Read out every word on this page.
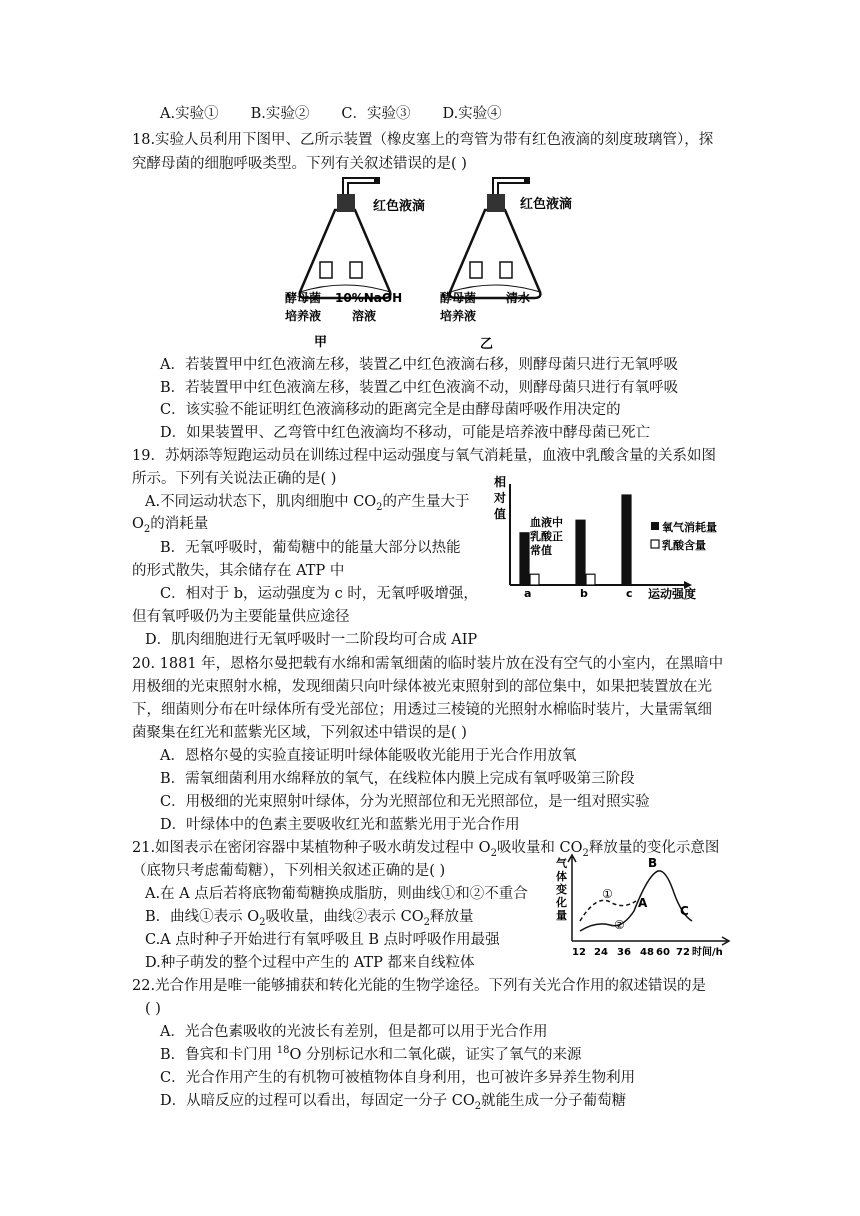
A.实验① B.实验② C．实验③ D.实验④
18.实验人员利用下图甲、乙所示装置（橡皮塞上的弯管为带有红色液滴的刻度玻璃管），探
究酵母菌的细胞呼吸类型。下列有关叙述错误的是( )
红色液滴
酵母菌
培养液
10%NaOH
溶液
甲
红色液滴
酵母菌
培养液
清水
乙
A．若装置甲中红色液滴左移，装置乙中红色液滴右移，则酵母菌只进行无氧呼吸
B．若装置甲中红色液滴左移，装置乙中红色液滴不动，则酵母菌只进行有氧呼吸
C．该实验不能证明红色液滴移动的距离完全是由酵母菌呼吸作用决定的
D．如果装置甲、乙弯管中红色液滴均不移动，可能是培养液中酵母菌已死亡
19．苏炳添等短跑运动员在训练过程中运动强度与氧气消耗量，血液中乳酸含量的关系如图
所示。下列有关说法正确的是( )
A.不同运动状态下，肌肉细胞中 $CO_2$的产生量大于
$O_2$的消耗量
B．无氧呼吸时，葡萄糖中的能量大部分以热能
的形式散失，其余储存在 ATP 中
C．相对于 b，运动强度为 c 时，无氧呼吸增强，
但有氧呼吸仍为主要能量供应途径
D．肌肉细胞进行无氧呼吸时一二阶段均可合成 AIP
相
对
值
血液中
乳酸正
常值
a	b	c 运动强度
氧气消耗量
乳酸含量
20. 1881 年，恩格尔曼把载有水绵和需氧细菌的临时装片放在没有空气的小室内，在黑暗中
用极细的光束照射水棉，发现细菌只向叶绿体被光束照射到的部位集中，如果把装置放在光
下，细菌则分布在叶绿体所有受光部位；用透过三棱镜的光照射水棉临时装片，大量需氧细
菌聚集在红光和蓝紫光区域，下列叙述中错误的是( )
A．恩格尔曼的实验直接证明叶绿体能吸收光能用于光合作用放氧
B．需氧细菌利用水绵释放的氧气，在线粒体内膜上完成有氧呼吸第三阶段
C．用极细的光束照射叶绿体，分为光照部位和无光照部位，是一组对照实验
D．叶绿体中的色素主要吸收红光和蓝紫光用于光合作用
21.如图表示在密闭容器中某植物种子吸水萌发过程中 $O_2$吸收量和 $CO_2$释放量的变化示意图
（底物只考虑葡萄糖），下列相关叙述正确的是( )
A.在 A 点后若将底物葡萄糖换成脂肪，则曲线①和②不重合
B．曲线①表示 $O_2$吸收量，曲线②表示 $CO_2$释放量
C.A 点时种子开始进行有氧呼吸且 B 点时呼吸作用最强
D.种子萌发的整个过程中产生的 ATP 都来自线粒体
气
体
变
化
量
①
②
A
B
C
12 24 36 48 60 72 时间/h
22.光合作用是唯一能够捕获和转化光能的生物学途径。下列有关光合作用的叙述错误的是
( )
A．光合色素吸收的光波长有差别，但是都可以用于光合作用
B．鲁宾和卡门用 $^{18}$O 分别标记水和二氧化碳，证实了氧气的来源
C．光合作用产生的有机物可被植物体自身利用，也可被许多异养生物利用
D．从暗反应的过程可以看出，每固定一分子 $CO_2$就能生成一分子葡萄糖
